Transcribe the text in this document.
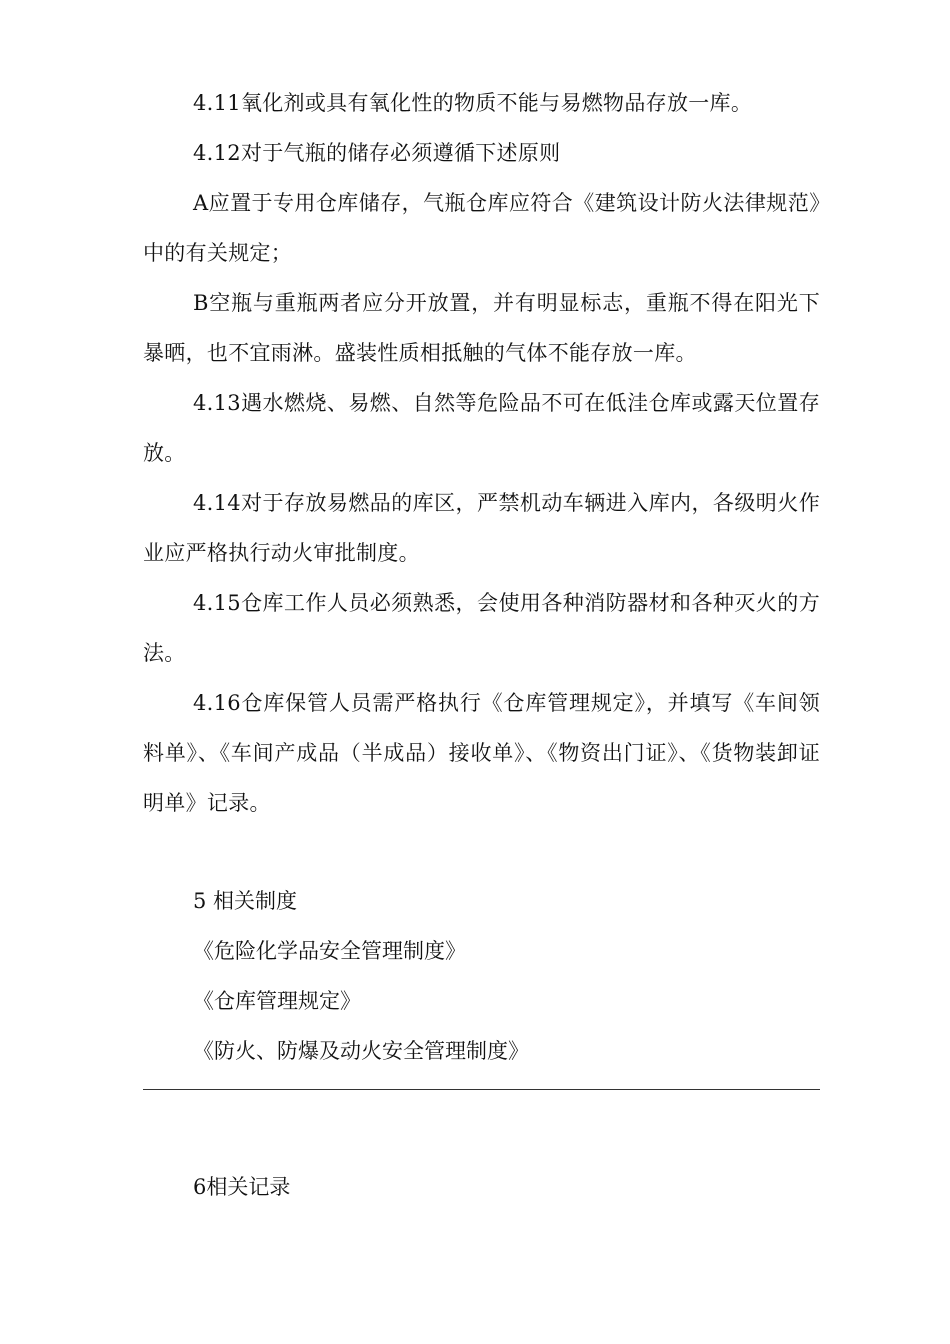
4.11氧化剂或具有氧化性的物质不能与易燃物品存放一库。

4.12对于气瓶的储存必须遵循下述原则

A应置于专用仓库储存，气瓶仓库应符合《建筑设计防火法律规范》中的有关规定；

B空瓶与重瓶两者应分开放置，并有明显标志，重瓶不得在阳光下暴晒，也不宜雨淋。盛装性质相抵触的气体不能存放一库。

4.13遇水燃烧、易燃、自然等危险品不可在低洼仓库或露天位置存放。

4.14对于存放易燃品的库区，严禁机动车辆进入库内，各级明火作业应严格执行动火审批制度。

4.15仓库工作人员必须熟悉，会使用各种消防器材和各种灭火的方法。

4.16仓库保管人员需严格执行《仓库管理规定》，并填写《车间领料单》、《车间产成品（半成品）接收单》、《物资出门证》、《货物装卸证明单》记录。

5 相关制度

《危险化学品安全管理制度》

《仓库管理规定》

《防火、防爆及动火安全管理制度》

6相关记录
